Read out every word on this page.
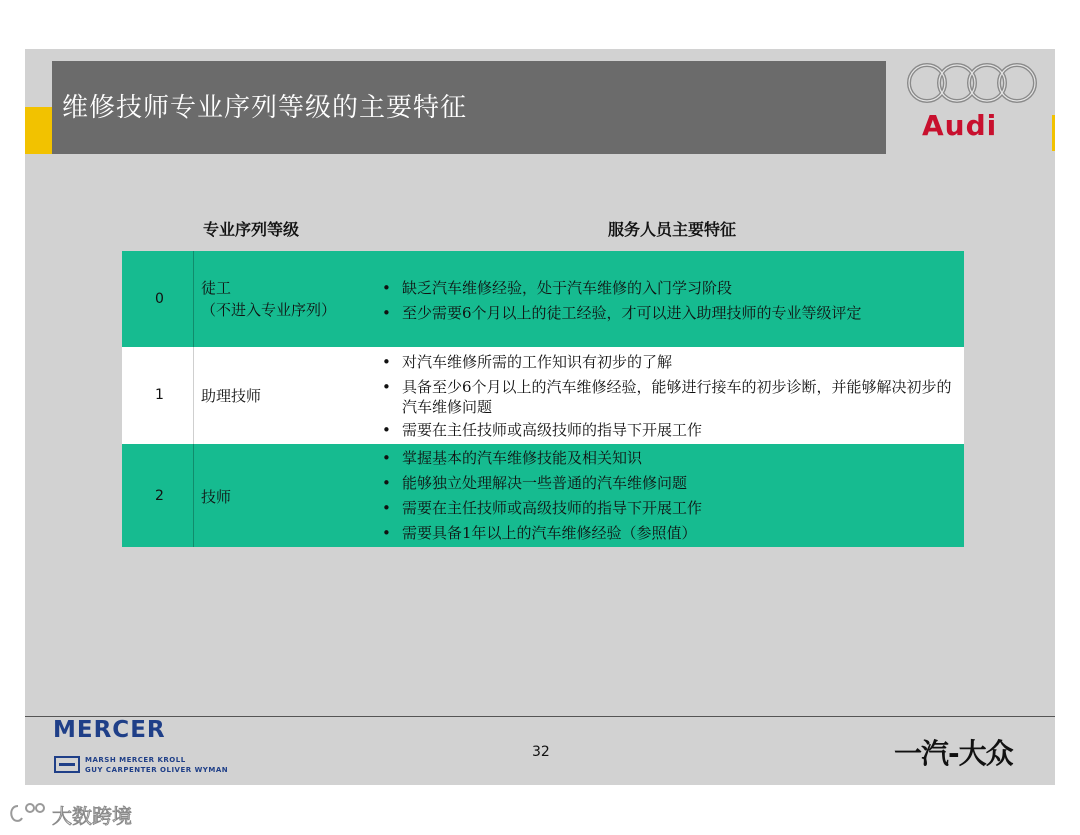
维修技师专业序列等级的主要特征
Audi
专业序列等级	服务人员主要特征
0
徒工
（不进入专业序列）
• 缺乏汽车维修经验，处于汽车维修的入门学习阶段
• 至少需要6个月以上的徒工经验，才可以进入助理技师的专业等级评定
1 助理技师
• 对汽车维修所需的工作知识有初步的了解
• 具备至少6个月以上的汽车维修经验，能够进行接车的初步诊断，并能够解决初步的汽车维修问题
• 需要在主任技师或高级技师的指导下开展工作
2 技师
• 掌握基本的汽车维修技能及相关知识
• 能够独立处理解决一些普通的汽车维修问题
• 需要在主任技师或高级技师的指导下开展工作
• 需要具备1年以上的汽车维修经验（参照值）
MERCER
MARSH MERCER KROLL
GUY CARPENTER OLIVER WYMAN
32	一汽-大众
大数跨境
